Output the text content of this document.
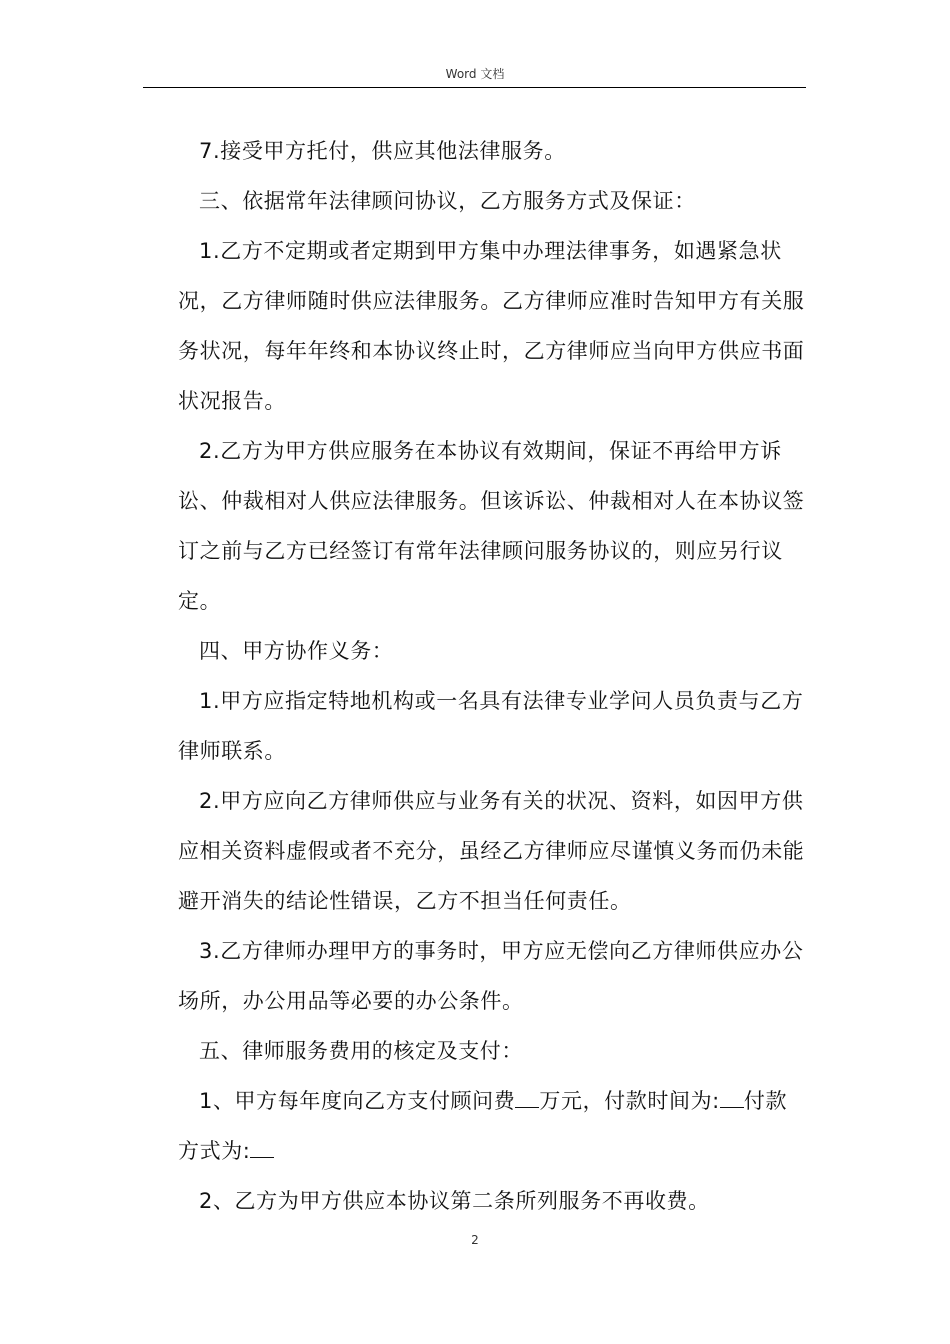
Word 文档

7.接受甲方托付，供应其他法律服务。

三、依据常年法律顾问协议，乙方服务方式及保证：

1.乙方不定期或者定期到甲方集中办理法律事务，如遇紧急状况，乙方律师随时供应法律服务。乙方律师应准时告知甲方有关服务状况，每年年终和本协议终止时，乙方律师应当向甲方供应书面状况报告。

2.乙方为甲方供应服务在本协议有效期间，保证不再给甲方诉讼、仲裁相对人供应法律服务。但该诉讼、仲裁相对人在本协议签订之前与乙方已经签订有常年法律顾问服务协议的，则应另行议定。

四、甲方协作义务：

1.甲方应指定特地机构或一名具有法律专业学问人员负责与乙方律师联系。

2.甲方应向乙方律师供应与业务有关的状况、资料，如因甲方供应相关资料虚假或者不充分，虽经乙方律师应尽谨慎义务而仍未能避开消失的结论性错误，乙方不担当任何责任。

3.乙方律师办理甲方的事务时，甲方应无偿向乙方律师供应办公场所，办公用品等必要的办公条件。

五、律师服务费用的核定及支付：

1、甲方每年度向乙方支付顾问费 万元，付款时间为: 付款方式为:

2、乙方为甲方供应本协议第二条所列服务不再收费。

2
